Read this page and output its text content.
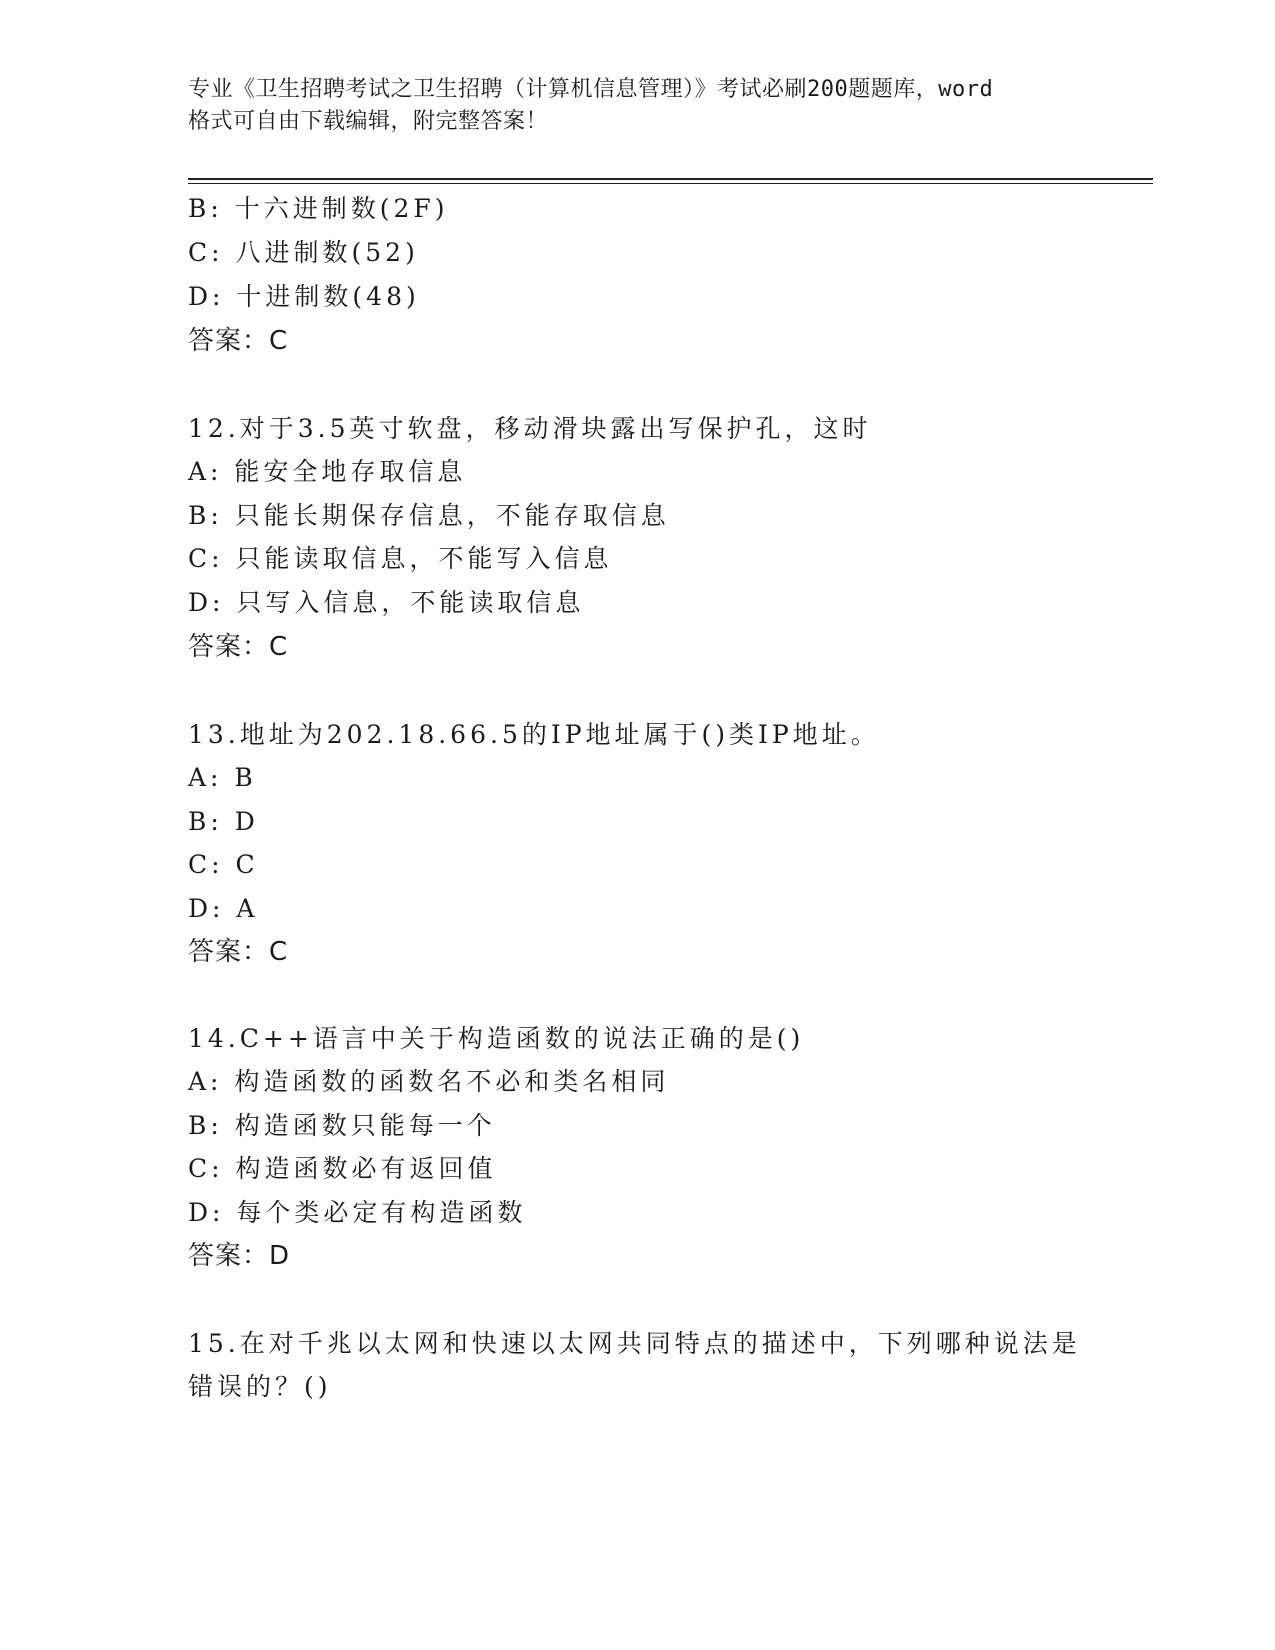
专业《卫生招聘考试之卫生招聘（计算机信息管理）》考试必刷200题题库，word
格式可自由下载编辑，附完整答案！
B: 十六进制数(2F)
C: 八进制数(52)
D: 十进制数(48)
答案：C
12.对于3.5英寸软盘，移动滑块露出写保护孔，这时
A: 能安全地存取信息
B: 只能长期保存信息，不能存取信息
C: 只能读取信息，不能写入信息
D: 只写入信息，不能读取信息
答案：C
13.地址为202.18.66.5的IP地址属于()类IP地址。
A: B
B: D
C: C
D: A
答案：C
14.C++语言中关于构造函数的说法正确的是()
A: 构造函数的函数名不必和类名相同
B: 构造函数只能每一个
C: 构造函数必有返回值
D: 每个类必定有构造函数
答案：D
15.在对千兆以太网和快速以太网共同特点的描述中，下列哪种说法是
错误的？()
